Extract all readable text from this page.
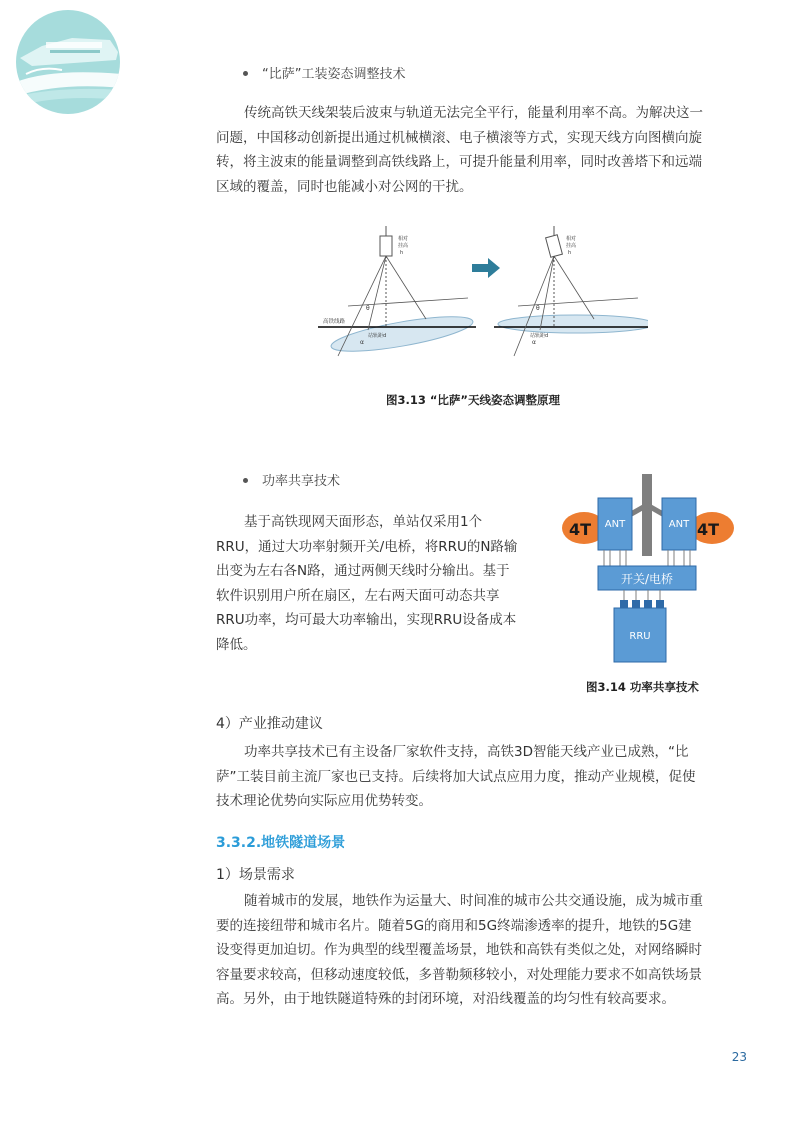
“比萨”工装姿态调整技术

传统高铁天线架装后波束与轨道无法完全平行，能量利用率不高。为解决这一

问题，中国移动创新提出通过机械横滚、电子横滚等方式，实现天线方向图横向旋

转，将主波束的能量调整到高铁线路上，可提升能量利用率，同时改善塔下和远端

区域的覆盖，同时也能减小对公网的干扰。

相对
挂高
h
高铁线路
站轨距d
θ
α
相对
挂高
h
站轨距d
θ
α
图3.13 “比萨”天线姿态调整原理
功率共享技术

基于高铁现网天面形态，单站仅采用1个

RRU，通过大功率射频开关/电桥，将RRU的N路输

出变为左右各N路，通过两侧天线时分输出。基于

软件识别用户所在扇区，左右两天面可动态共享

RRU功率，均可最大功率输出，实现RRU设备成本

降低。

4T	4T
ANT	ANT
开关/电桥
RRU
图3.14 功率共享技术
4）产业推动建议

功率共享技术已有主设备厂家软件支持，高铁3D智能天线产业已成熟，“比

萨”工装目前主流厂家也已支持。后续将加大试点应用力度，推动产业规模，促使

技术理论优势向实际应用优势转变。

3.3.2.地铁隧道场景
1）场景需求

随着城市的发展，地铁作为运量大、时间准的城市公共交通设施，成为城市重

要的连接纽带和城市名片。随着5G的商用和5G终端渗透率的提升，地铁的5G建

设变得更加迫切。作为典型的线型覆盖场景，地铁和高铁有类似之处，对网络瞬时

容量要求较高，但移动速度较低，多普勒频移较小，对处理能力要求不如高铁场景

高。另外，由于地铁隧道特殊的封闭环境，对沿线覆盖的均匀性有较高要求。

23
